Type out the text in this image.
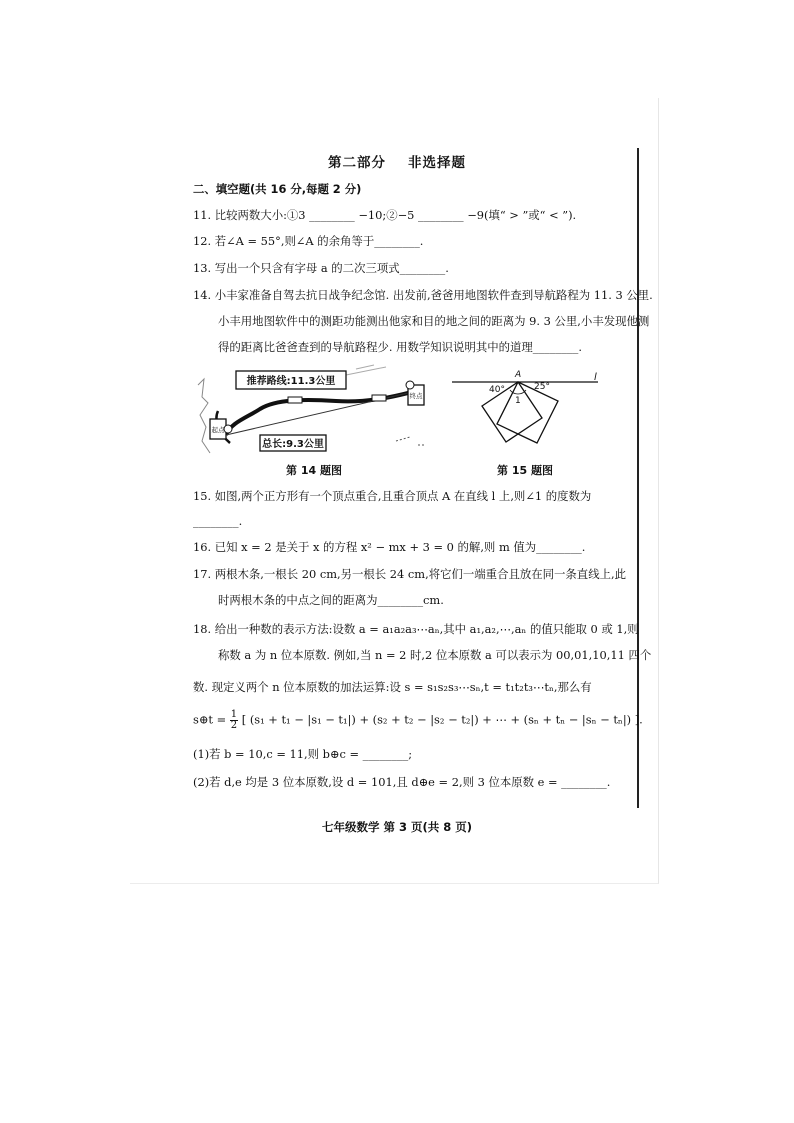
第二部分 非选择题
二、填空题(共 16 分,每题 2 分)
11. 比较两数大小:①3 ________ −10;②−5 ________ −9(填“ > ”或“ < ”).
12. 若∠A = 55°,则∠A 的余角等于________.
13. 写出一个只含有字母 a 的二次三项式________.
14. 小丰家准备自驾去抗日战争纪念馆. 出发前,爸爸用地图软件查到导航路程为 11. 3 公里.
小丰用地图软件中的测距功能测出他家和目的地之间的距离为 9. 3 公里,小丰发现他测
得的距离比爸爸查到的导航路程少. 用数学知识说明其中的道理________.
推荐路线:11.3公里
总长:9.3公里
终点
起点
第 14 题图
l
A
40°	25°
1
第 15 题图
15. 如图,两个正方形有一个顶点重合,且重合顶点 A 在直线 l 上,则∠1 的度数为
________.
16. 已知 x = 2 是关于 x 的方程 x² − mx + 3 = 0 的解,则 m 值为________.
17. 两根木条,一根长 20 cm,另一根长 24 cm,将它们一端重合且放在同一条直线上,此
时两根木条的中点之间的距离为________cm.
18. 给出一种数的表示方法:设数 a = a₁a₂a₃⋯aₙ,其中 a₁,a₂,⋯,aₙ 的值只能取 0 或 1,则
称数 a 为 n 位本原数. 例如,当 n = 2 时,2 位本原数 a 可以表示为 00,01,10,11 四个
数. 现定义两个 n 位本原数的加法运算:设 s = s₁s₂s₃⋯sₙ,t = t₁t₂t₃⋯tₙ,那么有
s⊕t = $\frac{1}{2}$ [ (s₁ + t₁ − |s₁ − t₁|) + (s₂ + t₂ − |s₂ − t₂|) + ⋯ + (sₙ + tₙ − |sₙ − tₙ|) ].
(1)若 b = 10,c = 11,则 b⊕c = ________;
(2)若 d,e 均是 3 位本原数,设 d = 101,且 d⊕e = 2,则 3 位本原数 e = ________.
七年级数学 第 3 页(共 8 页)
